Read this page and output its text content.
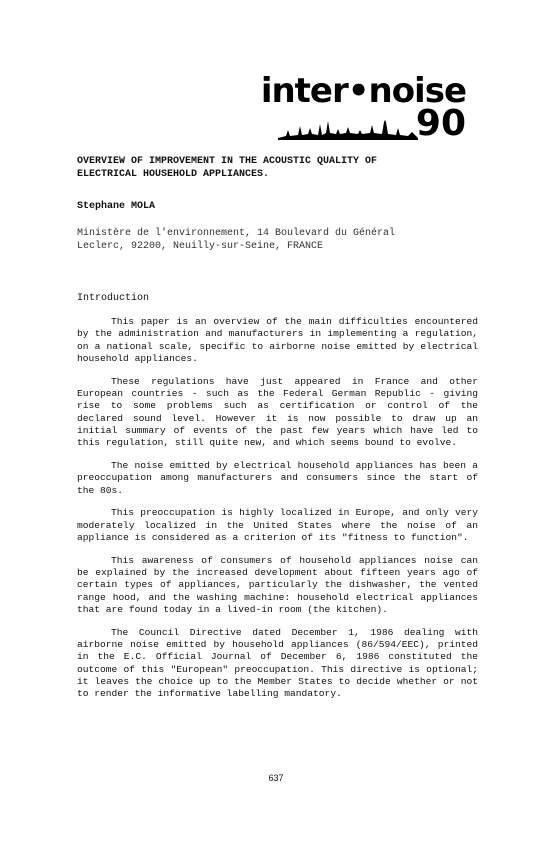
inter•noise
90

OVERVIEW OF IMPROVEMENT IN THE ACOUSTIC QUALITY OF
ELECTRICAL HOUSEHOLD APPLIANCES.

Stephane MOLA

Ministère de l'environnement, 14 Boulevard du Général
Leclerc, 92200, Neuilly-sur-Seine, FRANCE

Introduction

This paper is an overview of the main difficulties encountered by the administration and manufacturers in implementing a regulation, on a national scale, specific to airborne noise emitted by electrical household appliances.

These regulations have just appeared in France and other European countries - such as the Federal German Republic - giving rise to some problems such as certification or control of the declared sound level. However it is now possible to draw up an initial summary of events of the past few years which have led to this regulation, still quite new, and which seems bound to evolve.

The noise emitted by electrical household appliances has been a preoccupation among manufacturers and consumers since the start of the 80s.

This preoccupation is highly localized in Europe, and only very moderately localized in the United States where the noise of an appliance is considered as a criterion of its "fitness to function".

This awareness of consumers of household appliances noise can be explained by the increased development about fifteen years ago of certain types of appliances, particularly the dishwasher, the vented range hood, and the washing machine: household electrical appliances that are found today in a lived-in room (the kitchen).

The Council Directive dated December 1, 1986 dealing with airborne noise emitted by household appliances (86/594/EEC), printed in the E.C. Official Journal of December 6, 1986 constituted the outcome of this "European" preoccupation. This directive is optional; it leaves the choice up to the Member States to decide whether or not to render the informative labelling mandatory.

637
